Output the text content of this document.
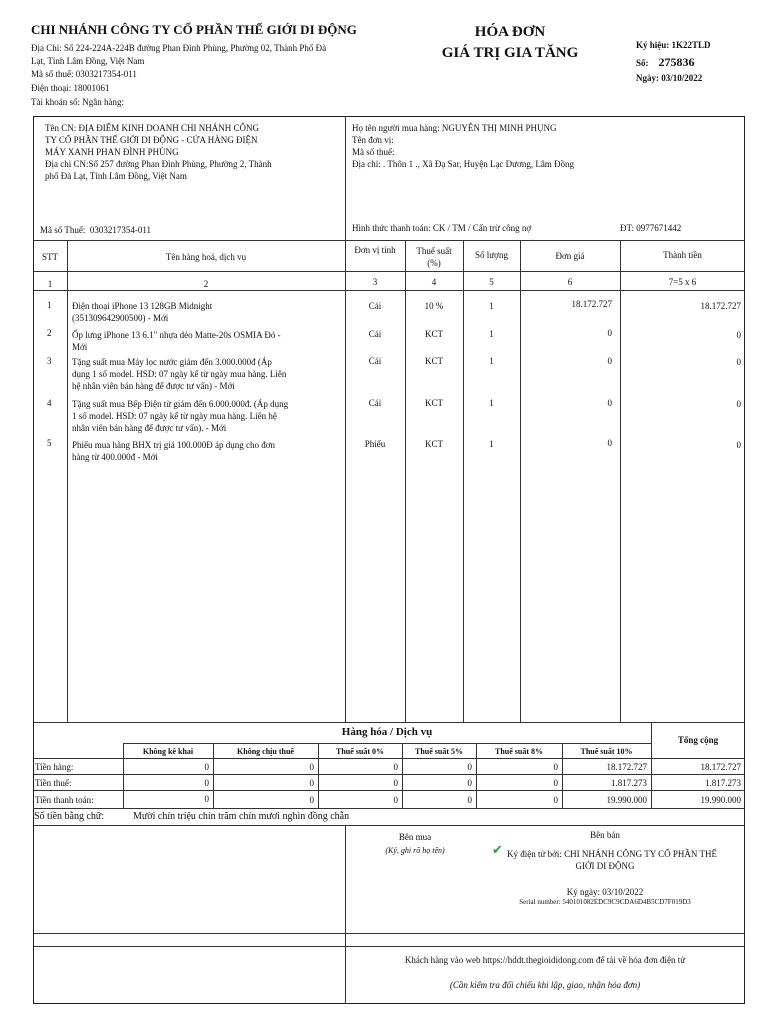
CHI NHÁNH CÔNG TY CỔ PHẦN THẾ GIỚI DI ĐỘNG
Địa Chỉ: Số 224-224A-224B đường Phan Đình Phùng, Phường 02, Thành Phố Đà
Lạt, Tỉnh Lâm Đồng, Việt Nam
Mã số thuế: 0303217354-011
Điện thoại: 18001061
Tài khoản số: Ngân hàng:
HÓA ĐƠN
GIÁ TRỊ GIA TĂNG	Ký hiệu: 1K22TLD
Số: 275836
Ngày: 03/10/2022
Tên CN: ĐỊA ĐIỂM KINH DOANH CHI NHÁNH CÔNG
TY CỔ PHẦN THẾ GIỚI DI ĐỘNG - CỬA HÀNG ĐIỆN
MÁY XANH PHAN ĐÌNH PHÙNG
Địa chỉ CN:Số 257 đường Phan Đình Phùng, Phường 2, Thành
phố Đà Lạt, Tỉnh Lâm Đồng, Việt Nam
Mã số Thuế: 0303217354-011
Họ tên người mua hàng: NGUYỄN THỊ MINH PHỤNG
Tên đơn vị:
Mã số thuế:
Địa chỉ: . Thôn 1 ., Xã Đạ Sar, Huyện Lạc Dương, Lâm Đồng
Hình thức thanh toán: CK / TM / Cấn trừ công nợ	ĐT: 0977671442
STT	Tên hàng hoá, dịch vụ
Đơn vị tính	Thuế suất (%)
Số lượng	Đơn giá	Thành tiền
1	2	3	4	5	6	7=5 x 6
1 Điện thoại iPhone 13 128GB Midnight
(351309642900500) - Mới
Cái	10 %	1	18.172.727	18.172.727
2 Ốp lưng iPhone 13 6.1" nhựa dẻo Matte-20s OSMIA Đỏ -
Mới
Cái	KCT	1	0	0
3 Tặng suất mua Máy lọc nước giảm đến 3.000.000đ (Áp
dụng 1 số model. HSD: 07 ngày kể từ ngày mua hàng. Liên
hệ nhân viên bán hàng để được tư vấn) - Mới
Cái	KCT	1	0	0
4 Tặng suất mua Bếp Điện từ giảm đến 6.000.000đ. (Áp dụng
1 số model. HSD: 07 ngày kể từ ngày mua hàng. Liên hệ
nhân viên bán hàng để được tư vấn). - Mới
Cái	KCT	1	0	0
5 Phiếu mua hàng BHX trị giá 100.000Đ áp dụng cho đơn
hàng từ 400.000đ - Mới
Phiếu	KCT	1	0	0
Hàng hóa / Dịch vụ
Tổng cộng
Không kê khai	Không chịu thuế	Thuế suất 0%	Thuế suất 5%	Thuế suất 8%	Thuế suất 10%
Tiền hàng:	0	0	0	0	0	18.172.727	18.172.727
Tiền thuế:	0	0	0	0	0	1.817.273	1.817.273
Tiền thanh toán:	0	0	0	0	0	19.990.000	19.990.000
Số tiền bằng chữ:	Mười chín triệu chín trăm chín mươi nghìn đồng chẵn
Bên mua
(Ký, ghi rõ họ tên)
Bên bán
✔ Ký điện tử bởi: CHI NHÁNH CÔNG TY CỔ PHẦN THẾ
GIỚI DI ĐỘNG
Ký ngày: 03/10/2022
Serial number: 540101082EDC9C9CDA6D4B5CD7F019D3
Khách hàng vào web https://hddt.thegioididong.com để tải về hóa đơn điện tử
(Cần kiểm tra đối chiếu khi lập, giao, nhận hóa đơn)
